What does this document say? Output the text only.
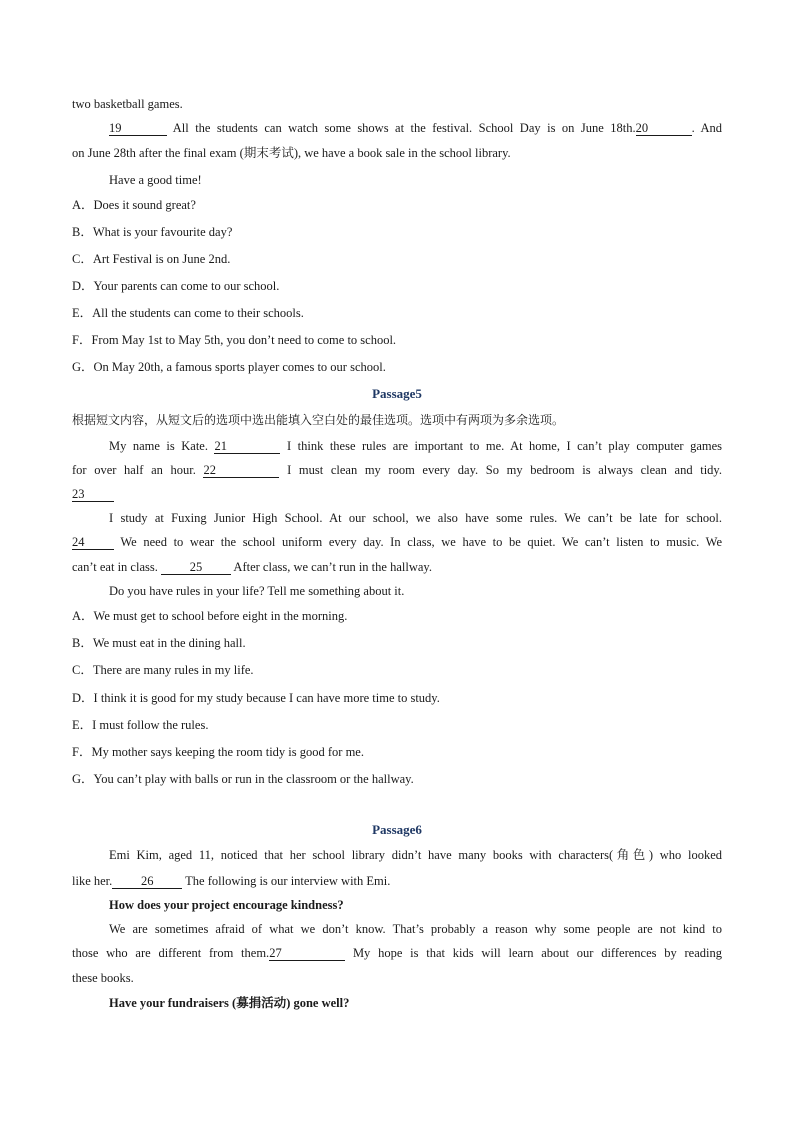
two basketball games.
19	All the students can watch some shows at the festival. School Day is on June 18th.20	. And
on June 28th after the final exam (期末考试), we have a book sale in the school library.
Have a good time!
A．Does it sound great?
B．What is your favourite day?
C．Art Festival is on June 2nd.
D．Your parents can come to our school.
E．All the students can come to their schools.
F．From May 1st to May 5th, you don’t need to come to school.
G．On May 20th, a famous sports player comes to our school.
Passage5
根据短文内容，从短文后的选项中选出能填入空白处的最佳选项。选项中有两项为多余选项。
My name is Kate. 21	I think these rules are important to me. At home, I can’t play computer games
for over half an hour. 22	I must clean my room every day. So my bedroom is always clean and tidy.
23
I study at Fuxing Junior High School. At our school, we also have some rules. We can’t be late for school.
24 We need to wear the school uniform every day. In class, we have to be quiet. We can’t listen to music. We
can’t eat in class.	25 After class, we can’t run in the hallway.
Do you have rules in your life? Tell me something about it.
A．We must get to school before eight in the morning.
B．We must eat in the dining hall.
C．There are many rules in my life.
D．I think it is good for my study because I can have more time to study.
E．I must follow the rules.
F．My mother says keeping the room tidy is good for me.
G．You can’t play with balls or run in the classroom or the hallway.
Passage6
Emi Kim, aged 11, noticed that her school library didn’t have many books with characters(角色) who looked
like her. 26 The following is our interview with Emi.
How does your project encourage kindness?
We are sometimes afraid of what we don’t know. That’s probably a reason why some people are not kind to
those who are different from them.27	My hope is that kids will learn about our differences by reading
these books.
Have your fundraisers (募捐活动) gone well?
